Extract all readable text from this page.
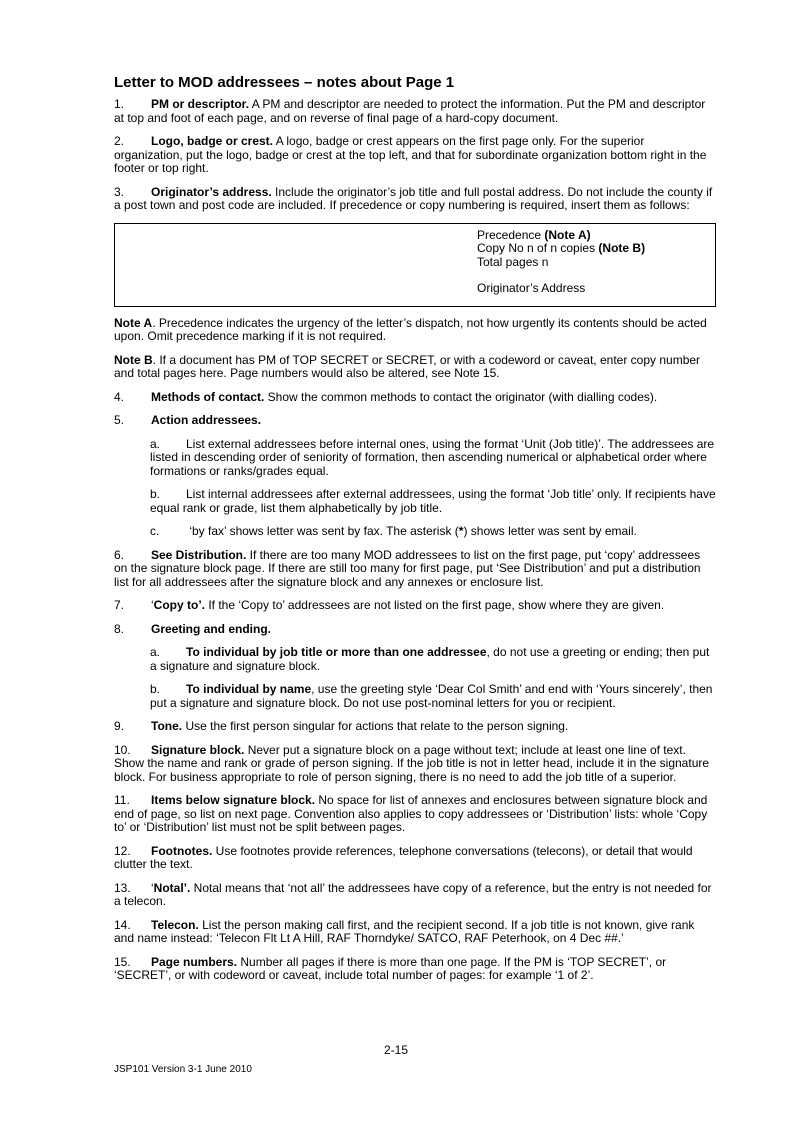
Letter to MOD addressees – notes about Page 1

1. PM or descriptor. A PM and descriptor are needed to protect the information. Put the PM and descriptor at top and foot of each page, and on reverse of final page of a hard-copy document.

2. Logo, badge or crest. A logo, badge or crest appears on the first page only. For the superior organization, put the logo, badge or crest at the top left, and that for subordinate organization bottom right in the footer or top right.

3. Originator’s address. Include the originator’s job title and full postal address. Do not include the county if a post town and post code are included. If precedence or copy numbering is required, insert them as follows:

Precedence (Note A)

Copy No n of n copies (Note B)

Total pages n

Originator’s Address

Note A. Precedence indicates the urgency of the letter’s dispatch, not how urgently its contents should be acted upon. Omit precedence marking if it is not required.

Note B. If a document has PM of TOP SECRET or SECRET, or with a codeword or caveat, enter copy number and total pages here. Page numbers would also be altered, see Note 15.

4. Methods of contact. Show the common methods to contact the originator (with dialling codes).

5. Action addressees.

a. List external addressees before internal ones, using the format ‘Unit (Job title)’. The addressees are listed in descending order of seniority of formation, then ascending numerical or alphabetical order where formations or ranks/grades equal.

b. List internal addressees after external addressees, using the format ‘Job title’ only. If recipients have equal rank or grade, list them alphabetically by job title.

c. ‘by fax’ shows letter was sent by fax. The asterisk (*) shows letter was sent by email.

6. See Distribution. If there are too many MOD addressees to list on the first page, put ‘copy’ addressees on the signature block page. If there are still too many for first page, put ‘See Distribution’ and put a distribution list for all addressees after the signature block and any annexes or enclosure list.

7. ‘Copy to’. If the ‘Copy to’ addressees are not listed on the first page, show where they are given.

8. Greeting and ending.

a. To individual by job title or more than one addressee, do not use a greeting or ending; then put a signature and signature block.

b. To individual by name, use the greeting style ‘Dear Col Smith’ and end with ‘Yours sincerely’, then put a signature and signature block. Do not use post-nominal letters for you or recipient.

9. Tone. Use the first person singular for actions that relate to the person signing.

10. Signature block. Never put a signature block on a page without text; include at least one line of text. Show the name and rank or grade of person signing. If the job title is not in letter head, include it in the signature block. For business appropriate to role of person signing, there is no need to add the job title of a superior.

11. Items below signature block. No space for list of annexes and enclosures between signature block and end of page, so list on next page. Convention also applies to copy addressees or ‘Distribution’ lists: whole ‘Copy to’ or ‘Distribution’ list must not be split between pages.

12. Footnotes. Use footnotes provide references, telephone conversations (telecons), or detail that would clutter the text.

13. ‘Notal’. Notal means that ‘not all’ the addressees have copy of a reference, but the entry is not needed for a telecon.

14. Telecon. List the person making call first, and the recipient second. If a job title is not known, give rank and name instead: ‘Telecon Flt Lt A Hill, RAF Thorndyke/ SATCO, RAF Peterhook, on 4 Dec ##.’

15. Page numbers. Number all pages if there is more than one page. If the PM is ‘TOP SECRET’, or ‘SECRET’, or with codeword or caveat, include total number of pages: for example ‘1 of 2’.

2-15
JSP101 Version 3-1 June 2010
